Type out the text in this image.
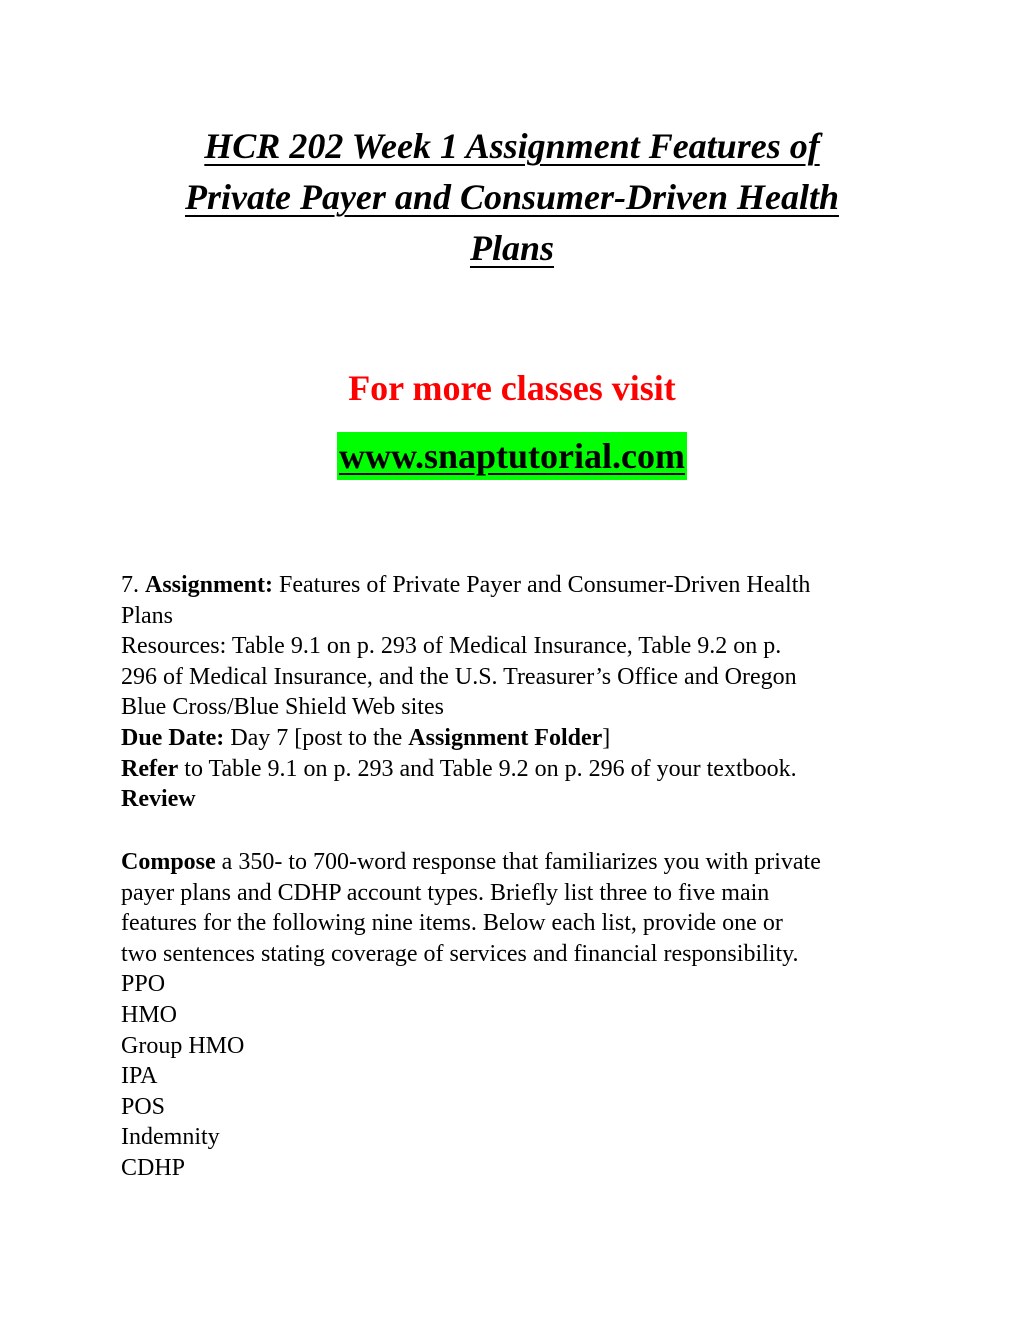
HCR 202 Week 1 Assignment Features of
Private Payer and Consumer-Driven Health
Plans

For more classes visit

www.snaptutorial.com
7. Assignment: Features of Private Payer and Consumer-Driven Health
Plans
Resources: Table 9.1 on p. 293 of Medical Insurance, Table 9.2 on p.
296 of Medical Insurance, and the U.S. Treasurer’s Office and Oregon
Blue Cross/Blue Shield Web sites
Due Date: Day 7 [post to the Assignment Folder]
Refer to Table 9.1 on p. 293 and Table 9.2 on p. 296 of your textbook.
Review
Compose a 350- to 700-word response that familiarizes you with private
payer plans and CDHP account types. Briefly list three to five main
features for the following nine items. Below each list, provide one or
two sentences stating coverage of services and financial responsibility.
PPO
HMO
Group HMO
IPA
POS
Indemnity
CDHP
